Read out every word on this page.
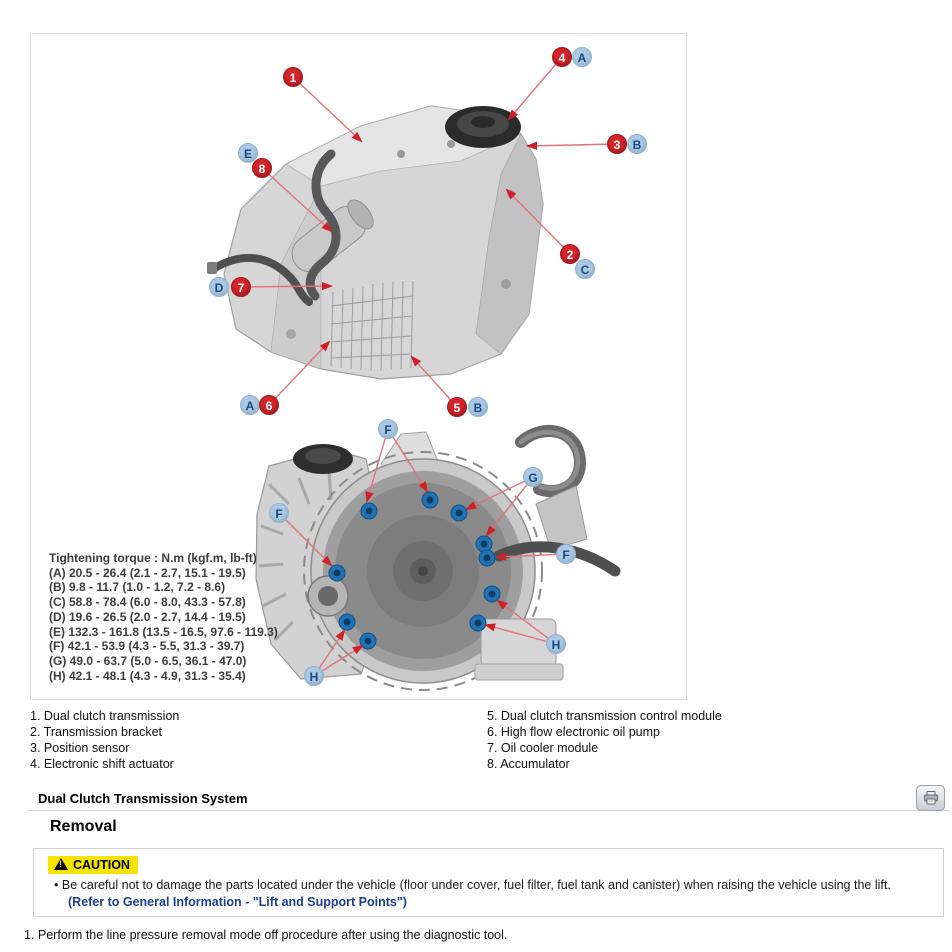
Tightening torque : N.m (kgf.m, lb-ft)
(A) 20.5 - 26.4 (2.1 - 2.7, 15.1 - 19.5)
(B) 9.8 - 11.7 (1.0 - 1.2, 7.2 - 8.6)
(C) 58.8 - 78.4 (6.0 - 8.0, 43.3 - 57.8)
(D) 19.6 - 26.5 (2.0 - 2.7, 14.4 - 19.5)
(E) 132.3 - 161.8 (13.5 - 16.5, 97.6 - 119.3)
(F) 42.1 - 53.9 (4.3 - 5.5, 31.3 - 39.7)
(G) 49.0 - 63.7 (5.0 - 6.5, 36.1 - 47.0)
(H) 42.1 - 48.1 (4.3 - 4.9, 31.3 - 35.4)
1
4	A
3	B
E
8
2
C
D	7
A 6	5	B
F
G
F
F
H
H
1. Dual clutch transmission
2. Transmission bracket
3. Position sensor
4. Electronic shift actuator
5. Dual clutch transmission control module
6. High flow electronic oil pump
7. Oil cooler module
8. Accumulator
Dual Clutch Transmission System
Removal
!CAUTION
• Be careful not to damage the parts located under the vehicle (floor under cover, fuel filter, fuel tank and canister) when raising the vehicle using the lift.
(Refer to General Information - "Lift and Support Points")
1. Perform the line pressure removal mode off procedure after using the diagnostic tool.
